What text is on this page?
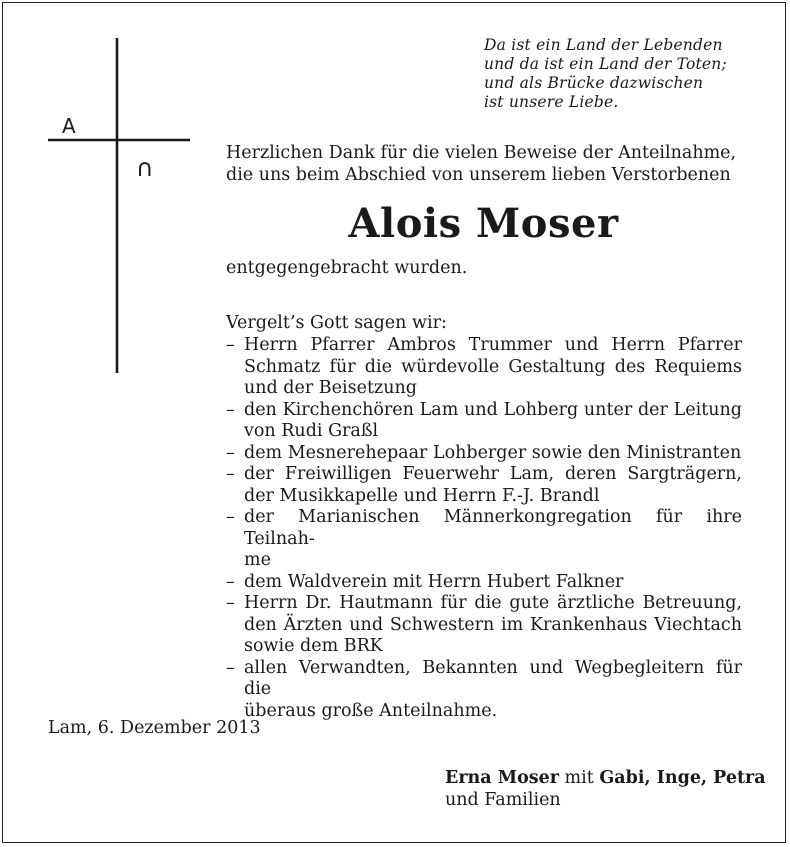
A
∩
Da ist ein Land der Lebenden
und da ist ein Land der Toten;
und als Brücke dazwischen
ist unsere Liebe.
Herzlichen Dank für die vielen Beweise der Anteilnahme,
die uns beim Abschied von unserem lieben Verstorbenen
Alois Moser
entgegengebracht wurden.
Vergelt’s Gott sagen wir:
– Herrn Pfarrer Ambros Trummer und Herrn Pfarrer
Schmatz für die würdevolle Gestaltung des Requiems
und der Beisetzung
– den Kirchenchören Lam und Lohberg unter der Leitung
von Rudi Graßl
– dem Mesnerehepaar Lohberger sowie den Ministranten
– der Freiwilligen Feuerwehr Lam, deren Sargträgern,
der Musikkapelle und Herrn F.-J. Brandl
– der Marianischen Männerkongregation für ihre Teilnah-
me
– dem Waldverein mit Herrn Hubert Falkner
– Herrn Dr. Hautmann für die gute ärztliche Betreuung,
den Ärzten und Schwestern im Krankenhaus Viechtach
sowie dem BRK
– allen Verwandten, Bekannten und Wegbegleitern für die
überaus große Anteilnahme.
Lam, 6. Dezember 2013
Erna Moser mit Gabi, Inge, Petra
und Familien
